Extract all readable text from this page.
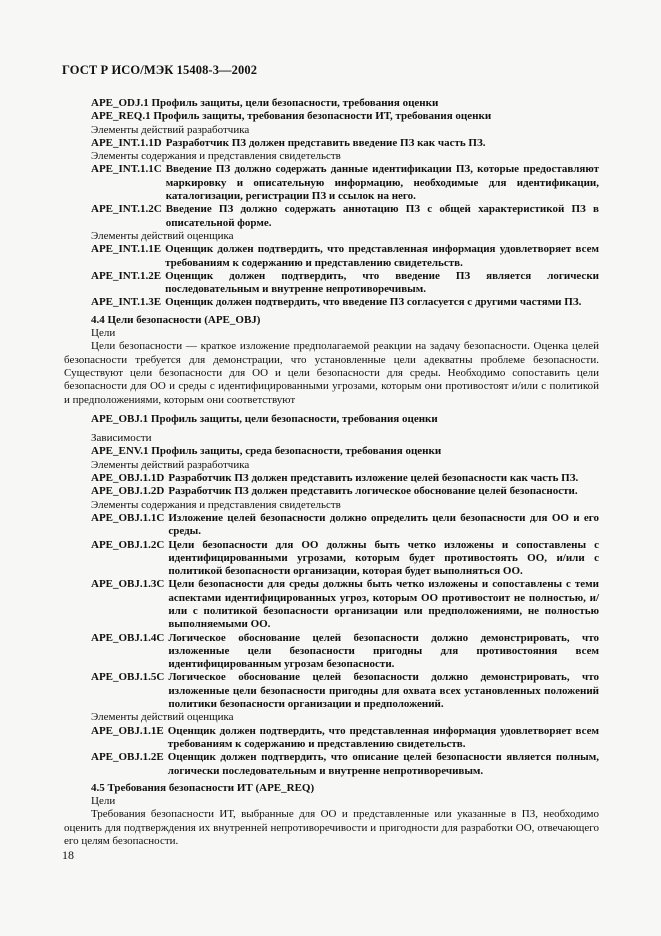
ГОСТ Р ИСО/МЭК 15408-3—2002

APE_ODJ.1 Профиль защиты, цели безопасности, требования оценки

APE_REQ.1 Профиль защиты, требования безопасности ИТ, требования оценки

Элементы действий разработчика

APE_INT.1.1D Разработчик ПЗ должен представить введение ПЗ как часть ПЗ.

Элементы содержания и представления свидетельств

APE_INT.1.1C Введение ПЗ должно содержать данные идентификации ПЗ, которые предоставляют маркировку и описательную информацию, необходимые для идентификации, каталогизации, регистрации ПЗ и ссылок на него.
APE_INT.1.2C Введение ПЗ должно содержать аннотацию ПЗ с общей характеристикой ПЗ в описательной форме.

Элементы действий оценщика

APE_INT.1.1E Оценщик должен подтвердить, что представленная информация удовлетворяет всем требованиям к содержанию и представлению свидетельств.
APE_INT.1.2E Оценщик должен подтвердить, что введение ПЗ является логически последовательным и внутренне непротиворечивым.
APE_INT.1.3E Оценщик должен подтвердить, что введение ПЗ согласуется с другими частями ПЗ.

4.4 Цели безопасности (APE_OBJ)

Цели

Цели безопасности — краткое изложение предполагаемой реакции на задачу безопасности. Оценка целей безопасности требуется для демонстрации, что установленные цели адекватны проблеме безопасности. Существуют цели безопасности для ОО и цели безопасности для среды. Необходимо сопоставить цели безопасности для ОО и среды с идентифицированными угрозами, которым они противостоят и/или с политикой и предположениями, которым они соответствуют

APE_OBJ.1 Профиль защиты, цели безопасности, требования оценки

Зависимости

APE_ENV.1 Профиль защиты, среда безопасности, требования оценки

Элементы действий разработчика

APE_OBJ.1.1D Разработчик ПЗ должен представить изложение целей безопасности как часть ПЗ.
APE_OBJ.1.2D Разработчик ПЗ должен представить логическое обоснование целей безопасности.

Элементы содержания и представления свидетельств

APE_OBJ.1.1C Изложение целей безопасности должно определить цели безопасности для ОО и его среды.
APE_OBJ.1.2C Цели безопасности для ОО должны быть четко изложены и сопоставлены с идентифицированными угрозами, которым будет противостоять ОО, и/или с политикой безопасности организации, которая будет выполняться ОО.
APE_OBJ.1.3C Цели безопасности для среды должны быть четко изложены и сопоставлены с теми аспектами идентифицированных угроз, которым ОО противостоит не полностью, и/или с политикой безопасности организации или предположениями, не полностью выполняемыми ОО.
APE_OBJ.1.4C Логическое обоснование целей безопасности должно демонстрировать, что изложенные цели безопасности пригодны для противостояния всем идентифицированным угрозам безопасности.
APE_OBJ.1.5C Логическое обоснование целей безопасности должно демонстрировать, что изложенные цели безопасности пригодны для охвата всех установленных положений политики безопасности организации и предположений.

Элементы действий оценщика

APE_OBJ.1.1E Оценщик должен подтвердить, что представленная информация удовлетворяет всем требованиям к содержанию и представлению свидетельств.
APE_OBJ.1.2E Оценщик должен подтвердить, что описание целей безопасности является полным, логически последовательным и внутренне непротиворечивым.

4.5 Требования безопасности ИТ (APE_REQ)

Цели

Требования безопасности ИТ, выбранные для ОО и представленные или указанные в ПЗ, необходимо оценить для подтверждения их внутренней непротиворечивости и пригодности для разработки ОО, отвечающего его целям безопасности.

18
